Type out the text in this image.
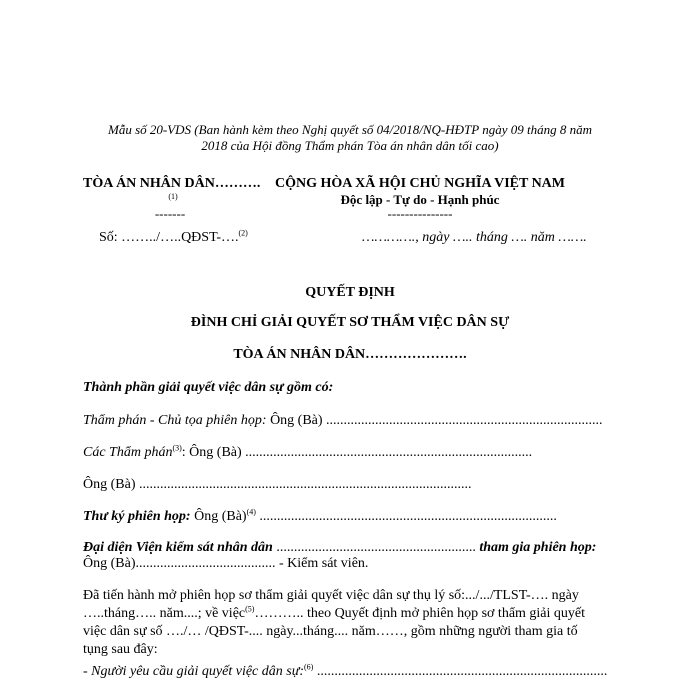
Mẫu số 20-VDS (Ban hành kèm theo Nghị quyết số 04/2018/NQ-HĐTP ngày 09 tháng 8 năm
2018 của Hội đồng Thẩm phán Tòa án nhân dân tối cao)
TÒA ÁN NHÂN DÂN……….
(1)
-------
Số: ……../…..QĐST-….$^{(2)}$
CỘNG HÒA XÃ HỘI CHỦ NGHĨA VIỆT NAM
Độc lập - Tự do - Hạnh phúc
---------------
…………., ngày ….. tháng …. năm …….
QUYẾT ĐỊNH
ĐÌNH CHỈ GIẢI QUYẾT SƠ THẨM VIỆC DÂN SỰ
TÒA ÁN NHÂN DÂN………………….
Thành phần giải quyết việc dân sự gồm có:
Thẩm phán - Chủ tọa phiên họp: Ông (Bà) ...............................................................................
Các Thẩm phán$^{(3)}$: Ông (Bà) ..................................................................................
Ông (Bà) ...............................................................................................
Thư ký phiên họp: Ông (Bà)$^{(4)}$ .....................................................................................
Đại diện Viện kiểm sát nhân dân ......................................................... tham gia phiên họp:
Ông (Bà)........................................ - Kiểm sát viên.
Đã tiến hành mở phiên họp sơ thẩm giải quyết việc dân sự thụ lý số:.../.../TLST-…. ngày …..tháng….. năm....; về việc$^{(5)}$……….. theo Quyết định mở phiên họp sơ thẩm giải quyết việc dân sự số …./… /QĐST-.... ngày...tháng.... năm……, gồm những người tham gia tố tụng sau đây:
- Người yêu cầu giải quyết việc dân sự:$^{(6)}$ ...................................................................................
